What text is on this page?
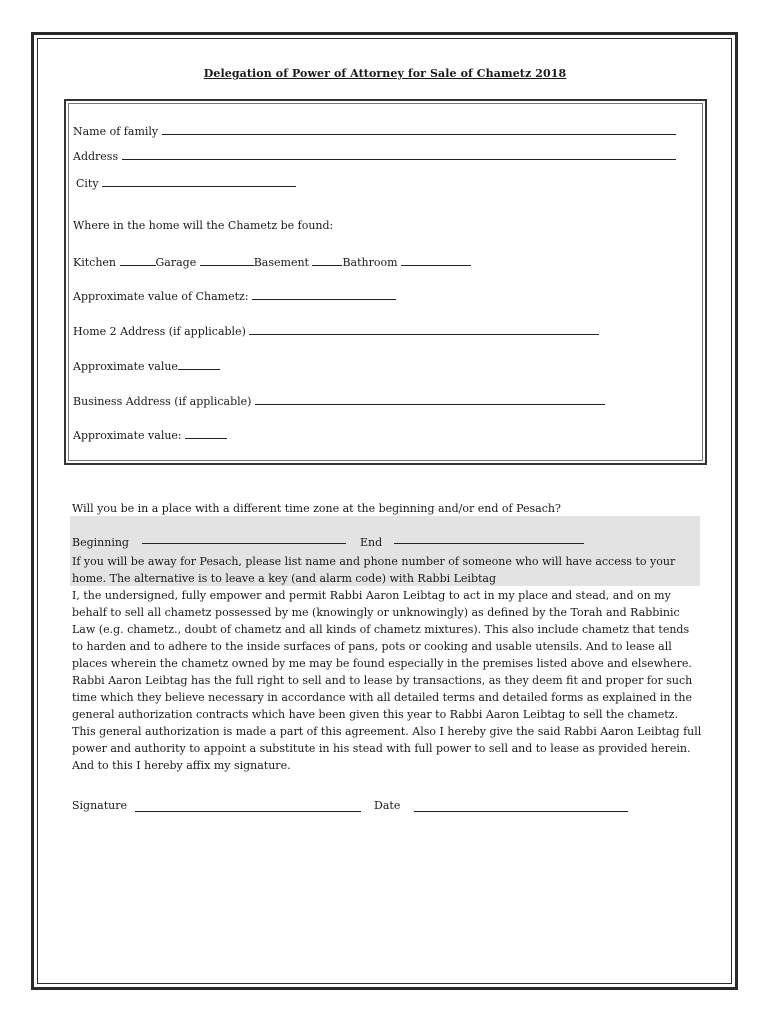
Delegation of Power of Attorney for Sale of Chametz 2018
Name of family
Address
City
Where in the home will the Chametz be found:
Kitchen	Garage	Basement	Bathroom
Approximate value of Chametz:
Home 2 Address (if applicable)
Approximate value
Business Address (if applicable)
Approximate value:
Will you be in a place with a different time zone at the beginning and/or end of Pesach?
Beginning	End
If you will be away for Pesach, please list name and phone number of someone who will have access to your
home. The alternative is to leave a key (and alarm code) with Rabbi Leibtag
I, the undersigned, fully empower and permit Rabbi Aaron Leibtag to act in my place and stead, and on my
behalf to sell all chametz possessed by me (knowingly or unknowingly) as defined by the Torah and Rabbinic
Law (e.g. chametz., doubt of chametz and all kinds of chametz mixtures). This also include chametz that tends
to harden and to adhere to the inside surfaces of pans, pots or cooking and usable utensils. And to lease all
places wherein the chametz owned by me may be found especially in the premises listed above and elsewhere.
Rabbi Aaron Leibtag has the full right to sell and to lease by transactions, as they deem fit and proper for such
time which they believe necessary in accordance with all detailed terms and detailed forms as explained in the
general authorization contracts which have been given this year to Rabbi Aaron Leibtag to sell the chametz.
This general authorization is made a part of this agreement. Also I hereby give the said Rabbi Aaron Leibtag full
power and authority to appoint a substitute in his stead with full power to sell and to lease as provided herein.
And to this I hereby affix my signature.
Signature	Date
